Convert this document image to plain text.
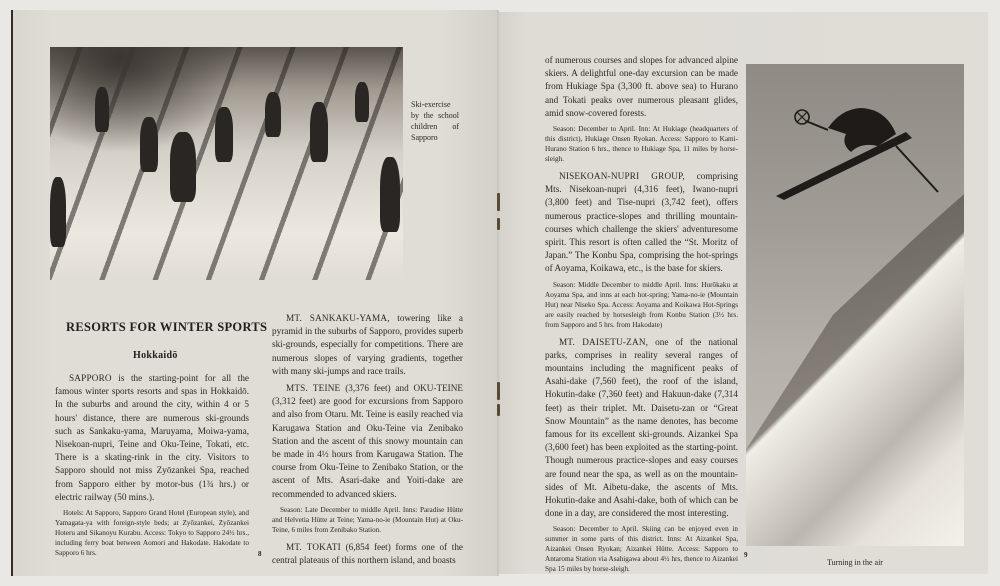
Ski-exercise by the school children of Sapporo
RESORTS FOR WINTER SPORTS
Hokkaidō

SAPPORO is the starting-point for all the famous winter sports resorts and spas in Hokkaidō. In the suburbs and around the city, within 4 or 5 hours' distance, there are numerous ski-grounds such as Sankaku-yama, Maruyama, Moiwa-yama, Nisekoan-nupri, Teine and Oku-Teine, Tokati, etc. There is a skating-rink in the city. Visitors to Sapporo should not miss Zyōzankei Spa, reached from Sapporo either by motor-bus (1¾ hrs.) or electric railway (50 mins.).

Hotels: At Sapporo, Sapporo Grand Hotel (European style), and Yamagata-ya with foreign-style beds; at Zyōzankei, Zyōzankei Hoteru and Sikanoyu Kurabu. Access: Tokyo to Sapporo 24½ hrs., including ferry boat between Aomori and Hakodate. Hakodate to Sapporo 6 hrs.

MT. SANKAKU-YAMA, towering like a pyramid in the suburbs of Sapporo, provides superb ski-grounds, especially for competitions. There are numerous slopes of varying gradients, together with many ski-jumps and race trails.

MTS. TEINE (3,376 feet) and OKU-TEINE (3,312 feet) are good for excursions from Sapporo and also from Otaru. Mt. Teine is easily reached via Karugawa Station and Oku-Teine via Zenibako Station and the ascent of this snowy mountain can be made in 4½ hours from Karugawa Station. The course from Oku-Teine to Zenibako Station, or the ascent of Mts. Asari-dake and Yoiti-dake are recommended to advanced skiers.

Season: Late December to middle April. Inns: Paradise Hütte and Helvetia Hütte at Teine; Yama-no-ie (Mountain Hut) at Oku-Teine, 6 miles from Zenibako Station.

MT. TOKATI (6,854 feet) forms one of the central plateaus of this northern island, and boasts

8

of numerous courses and slopes for advanced alpine skiers. A delightful one-day excursion can be made from Hukiage Spa (3,300 ft. above sea) to Hurano and Tokati peaks over numerous pleasant glides, amid snow-covered forests.

Season: December to April. Inn: At Hukiage (headquarters of this district), Hukiage Onsen Ryokan. Access: Sapporo to Kami-Hurano Station 6 hrs., thence to Hukiage Spa, 11 miles by horse-sleigh.

NISEKOAN-NUPRI GROUP, comprising Mts. Nisekoan-nupri (4,316 feet), Iwano-nupri (3,800 feet) and Tise-nupri (3,742 feet), offers numerous practice-slopes and thrilling mountain-courses which challenge the skiers' adventuresome spirit. This resort is often called the “St. Moritz of Japan.” The Konbu Spa, comprising the hot-springs of Aoyama, Koikawa, etc., is the base for skiers.

Season: Middle December to middle April. Inns: Hurōkaku at Aoyama Spa, and inns at each hot-spring; Yama-no-ie (Mountain Hut) near Niseko Spa. Access: Aoyama and Koikawa Hot-Springs are easily reached by horsesleigh from Konbu Station (3½ hrs. from Sapporo and 5 hrs. from Hakodate)

MT. DAISETU-ZAN, one of the national parks, comprises in reality several ranges of mountains including the magnificent peaks of Asahi-dake (7,560 feet), the roof of the island, Hokutin-dake (7,360 feet) and Hakuun-dake (7,314 feet) as their triplet. Mt. Daisetu-zan or “Great Snow Mountain” as the name denotes, has become famous for its excellent ski-grounds. Aizankei Spa (3,600 feet) has been exploited as the starting-point. Though numerous practice-slopes and easy courses are found near the spa, as well as on the mountain-sides of Mt. Aibetu-dake, the ascents of Mts. Hokutin-dake and Asahi-dake, both of which can be done in a day, are considered the most interesting.

Season: December to April. Skiing can be enjoyed even in summer in some parts of this district. Inns: At Aizankei Spa, Aizankei Onsen Ryokan; Aizankei Hütte. Access: Sapporo to Antaroma Station via Asahigawa about 4½ hrs, thence to Aizankei Spa 15 miles by horse-sleigh.

Turning in the air
9
